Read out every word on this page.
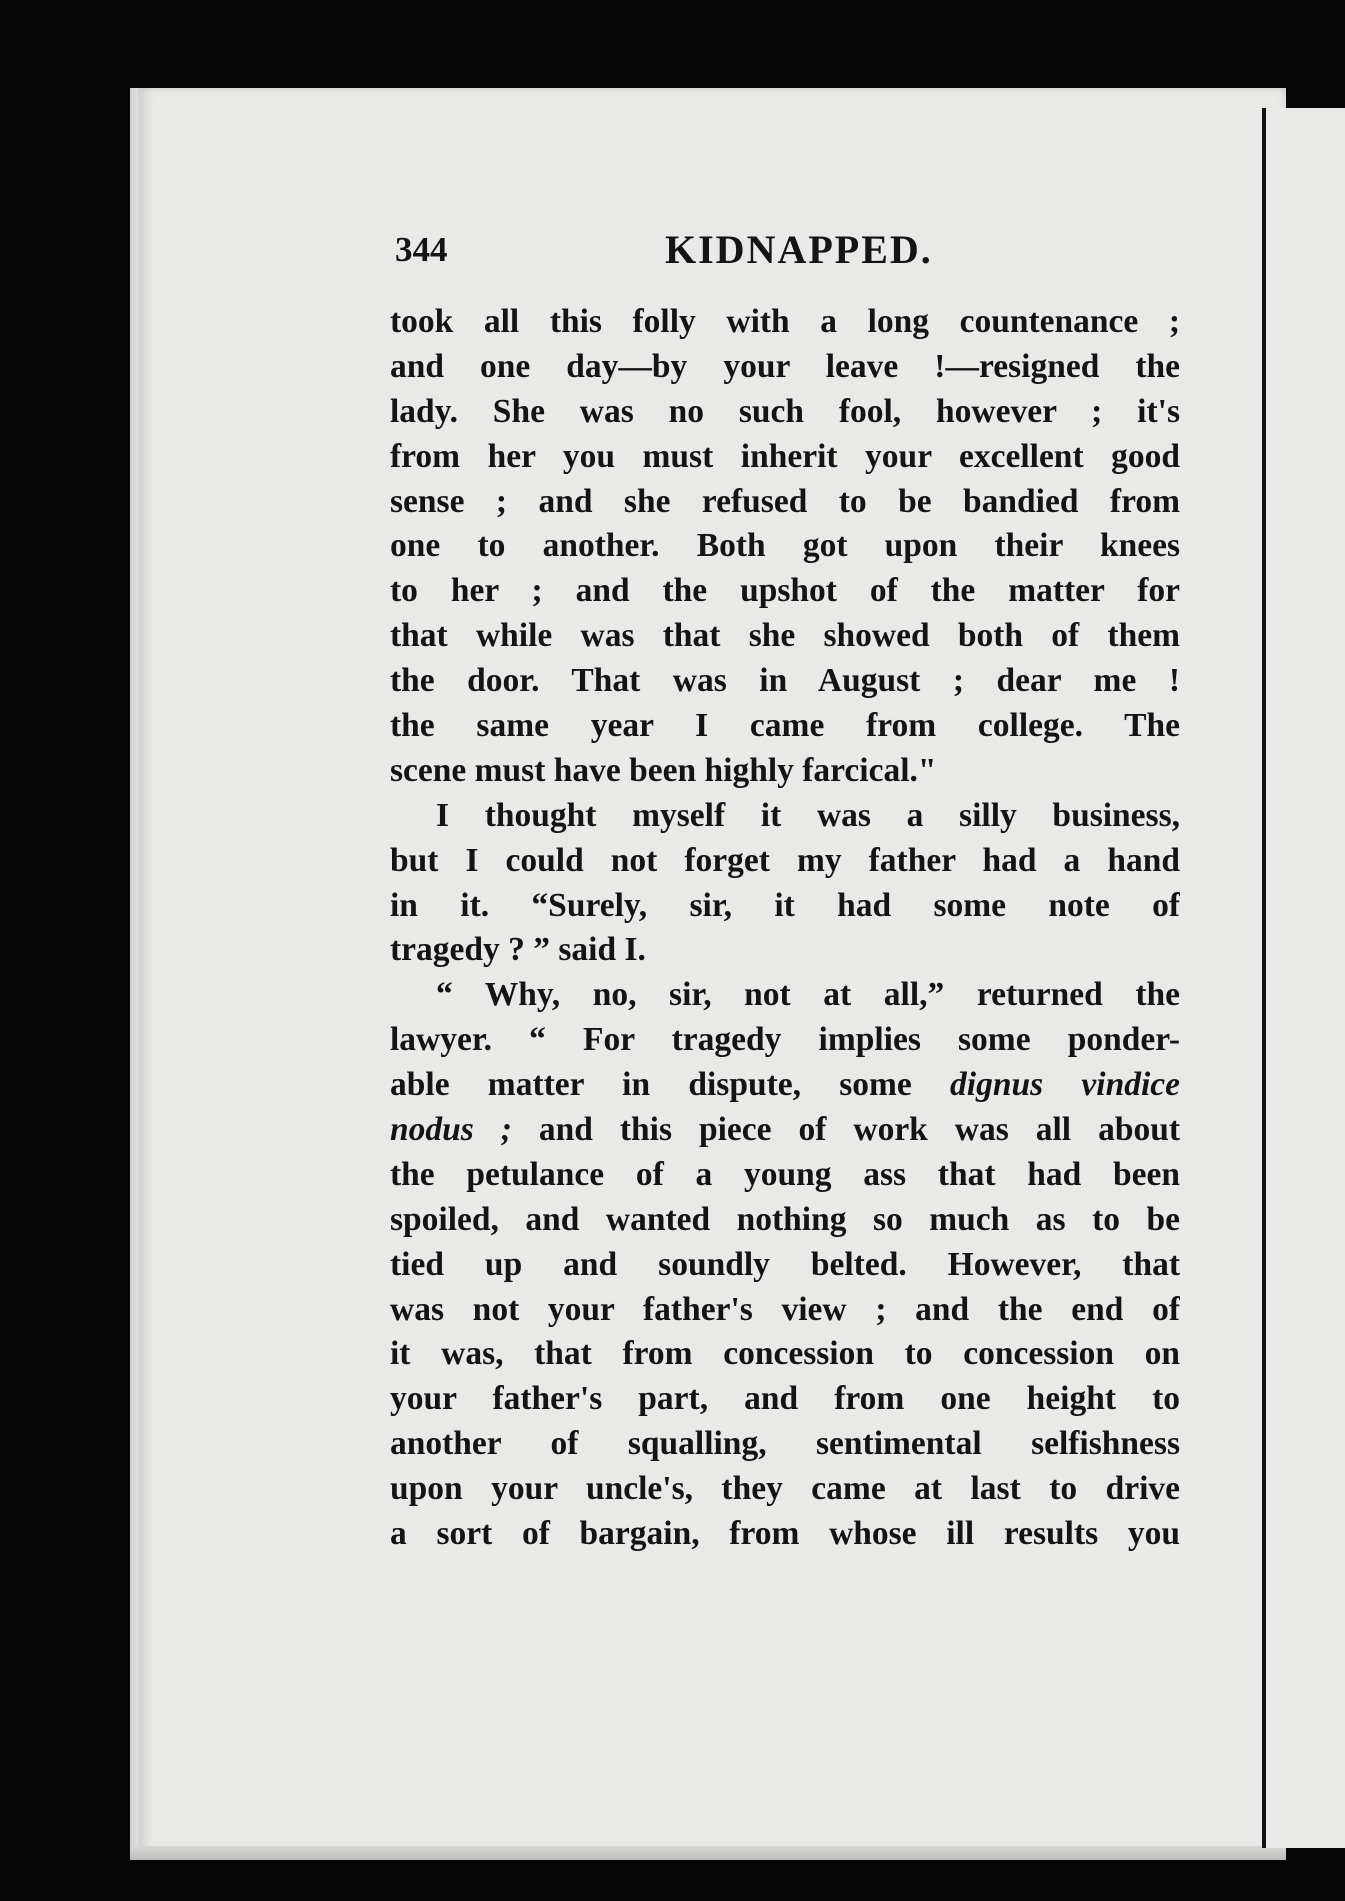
344	KIDNAPPED.
took all this folly with a long countenance ;
and one day—by your leave !—resigned the
lady. She was no such fool, however ; it's
from her you must inherit your excellent good
sense ; and she refused to be bandied from
one to another. Both got upon their knees
to her ; and the upshot of the matter for
that while was that she showed both of them
the door. That was in August ; dear me !
the same year I came from college. The
scene must have been highly farcical."
I thought myself it was a silly business,
but I could not forget my father had a hand
in it. “Surely, sir, it had some note of
tragedy ? ” said I.
“ Why, no, sir, not at all,” returned the
lawyer. “ For tragedy implies some ponder-
able matter in dispute, some dignus vindice
nodus ; and this piece of work was all about
the petulance of a young ass that had been
spoiled, and wanted nothing so much as to be
tied up and soundly belted. However, that
was not your father's view ; and the end of
it was, that from concession to concession on
your father's part, and from one height to
another of squalling, sentimental selfishness
upon your uncle's, they came at last to drive
a sort of bargain, from whose ill results you
